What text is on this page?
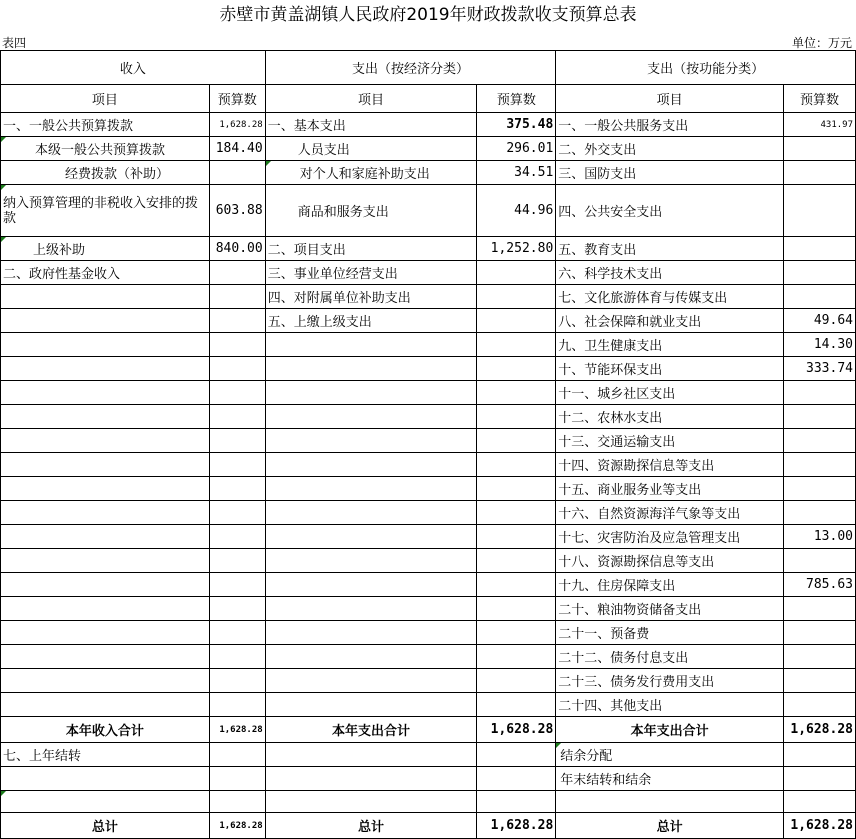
赤壁市黄盖湖镇人民政府2019年财政拨款收支预算总表
表四	单位：万元
收入		支出（按经济分类）		支出（按功能分类）	
项目	预算数	项目	预算数	项目	预算数
一、一般公共预算拨款	1,628.28	一、基本支出	375.48	一、一般公共服务支出	431.97
本级一般公共预算拨款	184.40	人员支出	296.01	二、外交支出	
经费拨款（补助）		对个人和家庭补助支出	34.51	三、国防支出	
纳入预算管理的非税收入安排的拨款	603.88	商品和服务支出	44.96	四、公共安全支出	
上级补助	840.00	二、项目支出	1,252.80	五、教育支出	
二、政府性基金收入		三、事业单位经营支出		六、科学技术支出	
		四、对附属单位补助支出		七、文化旅游体育与传媒支出	
		五、上缴上级支出		八、社会保障和就业支出	49.64
				九、卫生健康支出	14.30
				十、节能环保支出	333.74
				十一、城乡社区支出	
				十二、农林水支出	
				十三、交通运输支出	
				十四、资源勘探信息等支出	
				十五、商业服务业等支出	
				十六、自然资源海洋气象等支出	
				十七、灾害防治及应急管理支出	13.00
				十八、资源勘探信息等支出	
				十九、住房保障支出	785.63
				二十、粮油物资储备支出	
				二十一、预备费	
				二十二、债务付息支出	
				二十三、债务发行费用支出	
				二十四、其他支出	
本年收入合计	1,628.28	本年支出合计	1,628.28	本年支出合计	1,628.28
七、上年结转				结余分配	
				年末结转和结余	

总计	1,628.28	总计	1,628.28	总计	1,628.28
